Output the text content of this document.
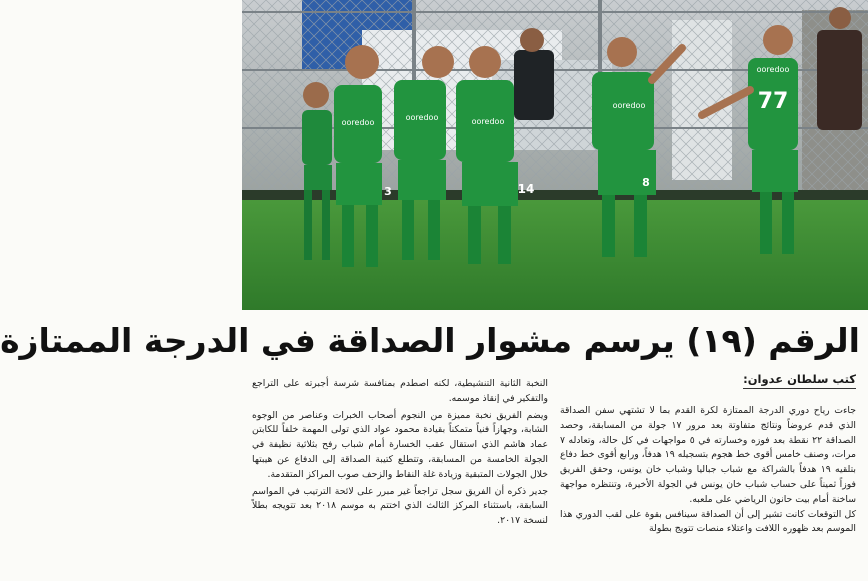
ooredoo
3
ooredoo	ooredoo
14
ooredoo
8
ooredoo
77
الرقم (١٩) يرسم مشوار الصداقة في الدرجة الممتازة
كتب سلطان عدوان:

جاءت رياح دوري الدرجة الممتازة لكرة القدم بما لا تشتهي سفن الصداقة الذي قدم عروضاً ونتائج متفاوتة بعد مرور ١٧ جولة من المسابقة، وحصد الصداقة ٢٢ نقطة بعد فوزه وخسارته في ٥ مواجهات في كل حالة، وتعادله ٧ مرات، وصنف خامس أقوى خط هجوم بتسجيله ١٩ هدفاً، ورابع أقوى خط دفاع بتلقيه ١٩ هدفاً بالشراكة مع شباب جباليا وشباب خان يونس، وحقق الفريق فوزاً ثميناً على حساب شباب خان يونس في الجولة الأخيرة، وتنتظره مواجهة ساخنة أمام بيت حانون الرياضي على ملعبه.

كل التوقعات كانت تشير إلى أن الصداقة سينافس بقوة على لقب الدوري هذا الموسم بعد ظهوره اللافت واعتلاء منصات تتويج بطولة

النخبة الثانية التنشيطية، لكنه اصطدم بمنافسة شرسة أجبرته على التراجع والتفكير في إنقاذ موسمه.

ويضم الفريق نخبة مميزة من النجوم أصحاب الخبرات وعناصر من الوجوه الشابة، وجهازاً فنياً متمكناً بقيادة محمود عواد الذي تولى المهمة خلفاً للكابتن عماد هاشم الذي استقال عقب الخسارة أمام شباب رفح بثلاثية نظيفة في الجولة الخامسة من المسابقة، وتتطلع كتيبة الصداقة إلى الدفاع عن هيبتها خلال الجولات المتبقية وزيادة غلة النقاط والزحف صوب المراكز المتقدمة.

جدير ذكره أن الفريق سجل تراجعاً غير مبرر على لائحة الترتيب في المواسم السابقة، باستثناء المركز الثالث الذي اختتم به موسم ٢٠١٨ بعد تتويجه بطلاً لنسخة ٢٠١٧.
